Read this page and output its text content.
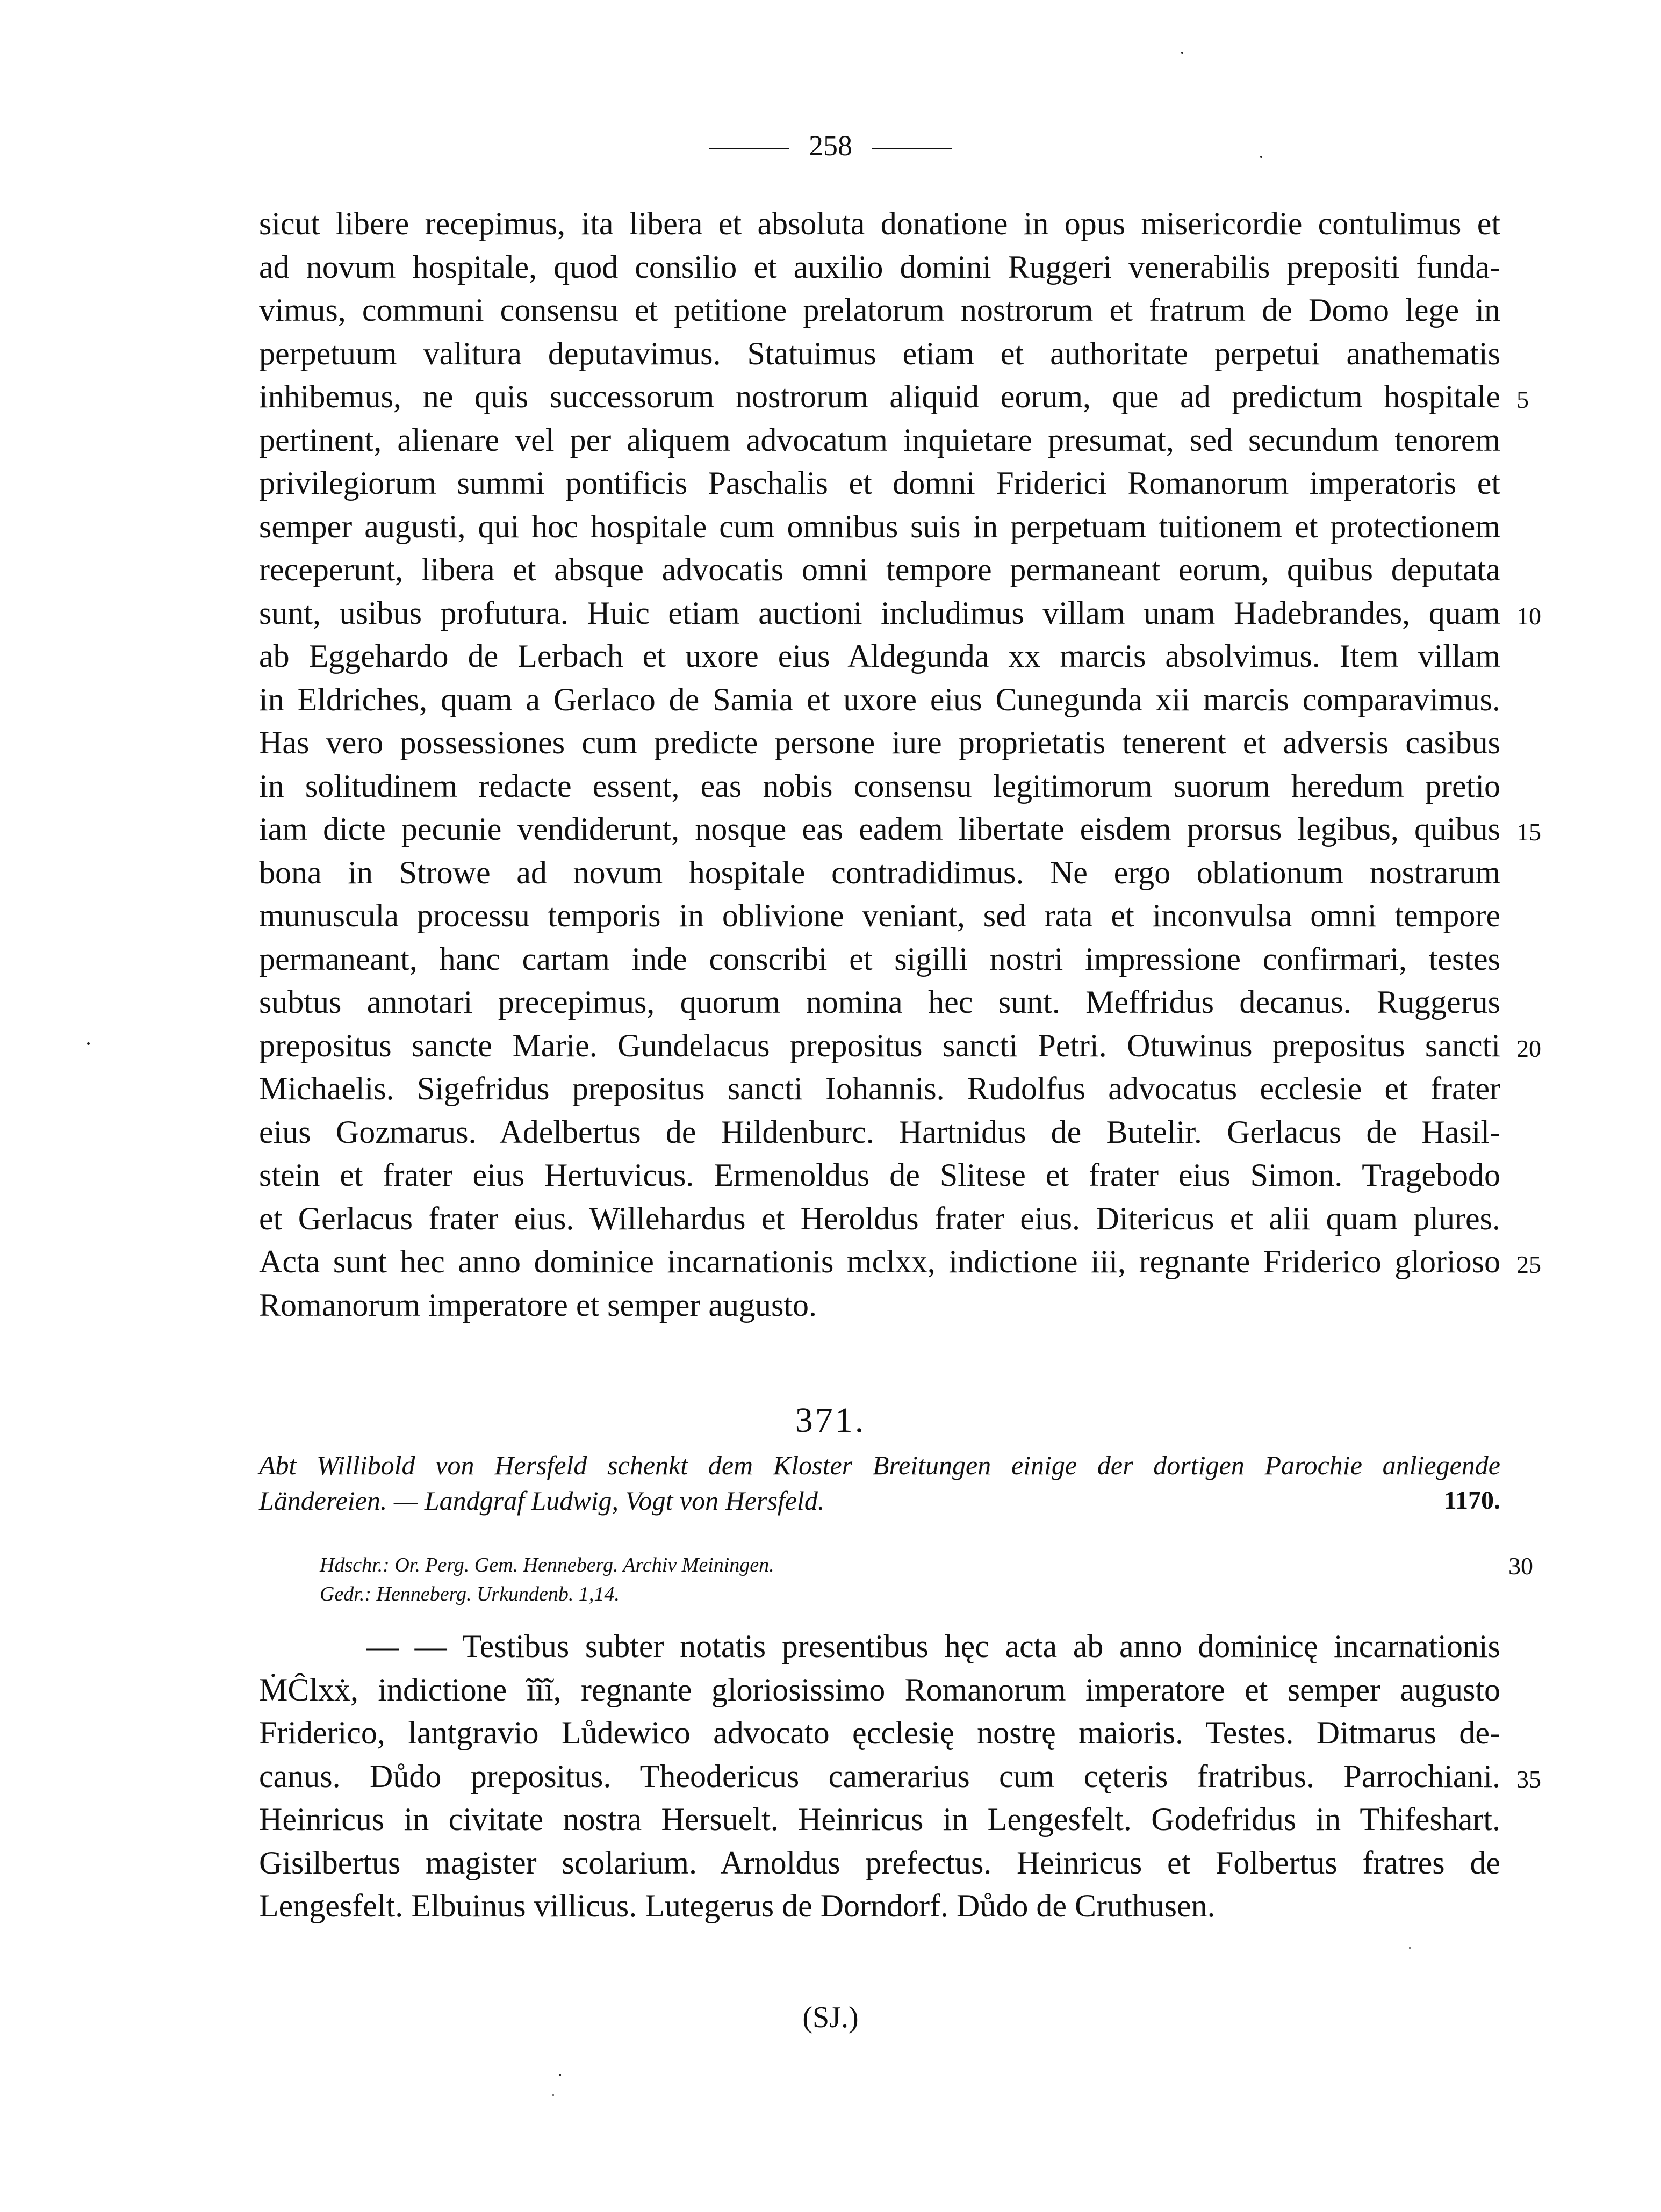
258
sicut libere recepimus, ita libera et absoluta donatione in opus misericordie contulimus et
ad novum hospitale, quod consilio et auxilio domini Ruggeri venerabilis prepositi funda-
vimus, communi consensu et petitione prelatorum nostrorum et fratrum de Domo lege in
perpetuum valitura deputavimus. Statuimus etiam et authoritate perpetui anathematis
inhibemus, ne quis successorum nostrorum aliquid eorum, que ad predictum hospitale 5
pertinent, alienare vel per aliquem advocatum inquietare presumat, sed secundum tenorem
privilegiorum summi pontificis Paschalis et domni Friderici Romanorum imperatoris et
semper augusti, qui hoc hospitale cum omnibus suis in perpetuam tuitionem et protectionem
receperunt, libera et absque advocatis omni tempore permaneant eorum, quibus deputata
sunt, usibus profutura. Huic etiam auctioni includimus villam unam Hadebrandes, quam 10
ab Eggehardo de Lerbach et uxore eius Aldegunda xx marcis absolvimus. Item villam
in Eldriches, quam a Gerlaco de Samia et uxore eius Cunegunda xii marcis comparavimus.
Has vero possessiones cum predicte persone iure proprietatis tenerent et adversis casibus
in solitudinem redacte essent, eas nobis consensu legitimorum suorum heredum pretio
iam dicte pecunie vendiderunt, nosque eas eadem libertate eisdem prorsus legibus, quibus 15
bona in Strowe ad novum hospitale contradidimus. Ne ergo oblationum nostrarum
munuscula processu temporis in oblivione veniant, sed rata et inconvulsa omni tempore
permaneant, hanc cartam inde conscribi et sigilli nostri impressione confirmari, testes
subtus annotari precepimus, quorum nomina hec sunt. Meffridus decanus. Ruggerus
prepositus sancte Marie. Gundelacus prepositus sancti Petri. Otuwinus prepositus sancti 20
Michaelis. Sigefridus prepositus sancti Iohannis. Rudolfus advocatus ecclesie et frater
eius Gozmarus. Adelbertus de Hildenburc. Hartnidus de Butelir. Gerlacus de Hasil-
stein et frater eius Hertuvicus. Ermenoldus de Slitese et frater eius Simon. Tragebodo
et Gerlacus frater eius. Willehardus et Heroldus frater eius. Ditericus et alii quam plures.
Acta sunt hec anno dominice incarnationis mclxx, indictione iii, regnante Friderico glorioso 25
Romanorum imperatore et semper augusto.
371.
Abt Willibold von Hersfeld schenkt dem Kloster Breitungen einige der dortigen Parochie anliegende
Ländereien. — Landgraf Ludwig, Vogt von Hersfeld.	1170.
Hdschr.: Or. Perg. Gem. Henneberg. Archiv Meiningen.	30
Gedr.: Henneberg. Urkundenb. 1,14.
— — Testibus subter notatis presentibus hęc acta ab anno dominicę incarnationis
ṀĈlxẋ, indictione ĩĩĩ, regnante gloriosissimo Romanorum imperatore et semper augusto
Friderico, lantgravio Lůdewico advocato ęcclesię nostrę maioris. Testes. Ditmarus de-
canus. Důdo prepositus. Theodericus camerarius cum cęteris fratribus. Parrochiani. 35
Heinricus in civitate nostra Hersuelt. Heinricus in Lengesfelt. Godefridus in Thifeshart.
Gisilbertus magister scolarium. Arnoldus prefectus. Heinricus et Folbertus fratres de
Lengesfelt. Elbuinus villicus. Lutegerus de Dorndorf. Důdo de Cruthusen.
(SJ.)
